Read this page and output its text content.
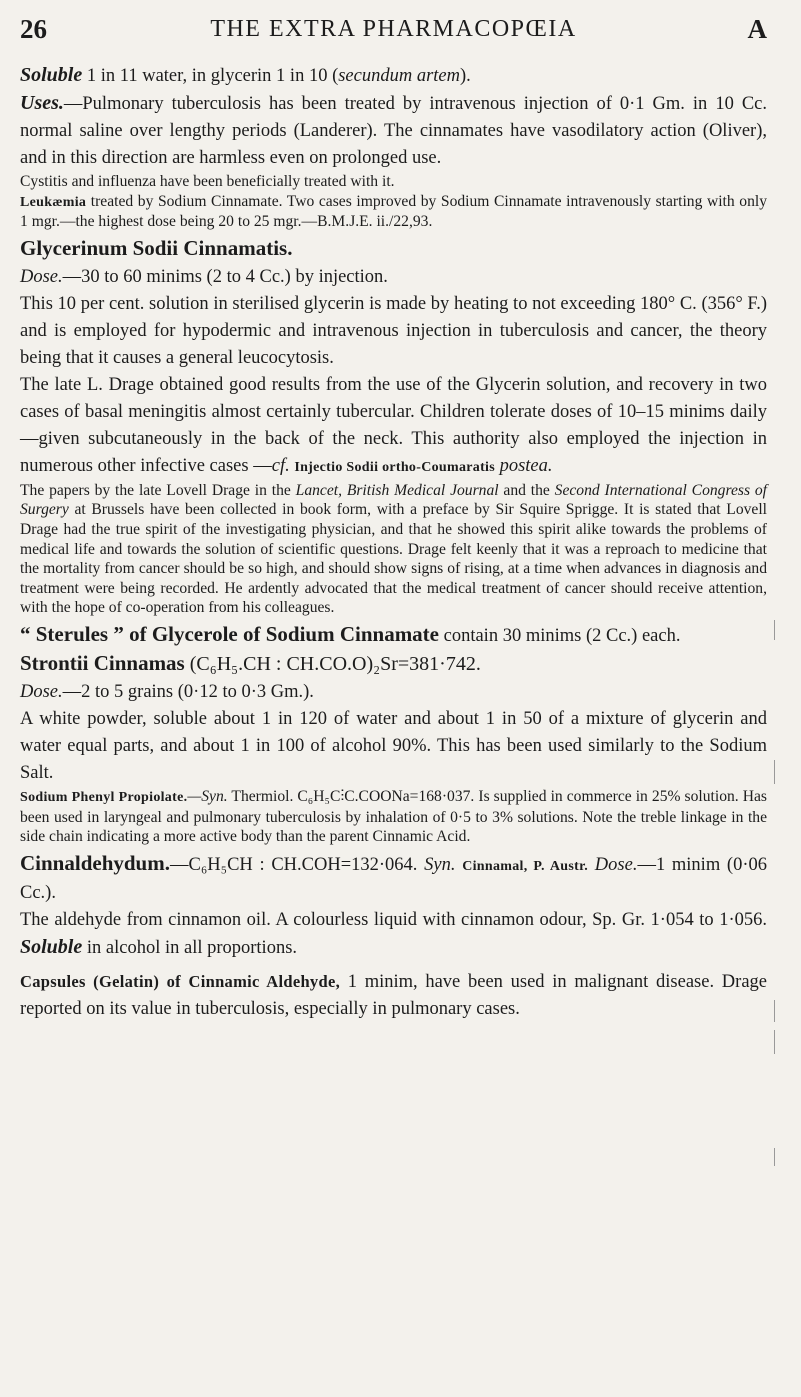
26	THE EXTRA PHARMACOPŒIA	A

Soluble 1 in 11 water, in glycerin 1 in 10 (secundum artem).

Uses.—Pulmonary tuberculosis has been treated by intravenous injection of 0·1 Gm. in 10 Cc. normal saline over lengthy periods (Landerer). The cinnamates have vasodilatory action (Oliver), and in this direction are harmless even on prolonged use.

Cystitis and influenza have been beneficially treated with it.

Leukæmia treated by Sodium Cinnamate. Two cases improved by Sodium Cinnamate intravenously starting with only 1 mgr.—the highest dose being 20 to 25 mgr.—B.M.J.E. ii./22,93.

Glycerinum Sodii Cinnamatis.

Dose.—30 to 60 minims (2 to 4 Cc.) by injection.

This 10 per cent. solution in sterilised glycerin is made by heating to not exceeding 180° C. (356° F.) and is employed for hypodermic and intravenous injection in tuberculosis and cancer, the theory being that it causes a general leucocytosis.

The late L. Drage obtained good results from the use of the Glycerin solution, and recovery in two cases of basal meningitis almost certainly tubercular. Children tolerate doses of 10–15 minims daily—given subcutaneously in the back of the neck. This authority also employed the injection in numerous other infective cases —cf. Injectio Sodii ortho-Coumaratis postea.

The papers by the late Lovell Drage in the Lancet, British Medical Journal and the Second International Congress of Surgery at Brussels have been collected in book form, with a preface by Sir Squire Sprigge. It is stated that Lovell Drage had the true spirit of the investigating physician, and that he showed this spirit alike towards the problems of medical life and towards the solution of scientific questions. Drage felt keenly that it was a reproach to medicine that the mortality from cancer should be so high, and should show signs of rising, at a time when advances in diagnosis and treatment were being recorded. He ardently advocated that the medical treatment of cancer should receive attention, with the hope of co-operation from his colleagues.

“ Sterules ” of Glycerole of Sodium Cinnamate contain 30 minims (2 Cc.) each.

Strontii Cinnamas (C₆H₅.CH : CH.CO.O)₂Sr=381·742.

Dose.—2 to 5 grains (0·12 to 0·3 Gm.).

A white powder, soluble about 1 in 120 of water and about 1 in 50 of a mixture of glycerin and water equal parts, and about 1 in 100 of alcohol 90%. This has been used similarly to the Sodium Salt.

Sodium Phenyl Propiolate.—Syn. Thermiol. C₆H₅C⫶C.COONa=168·037. Is supplied in commerce in 25% solution. Has been used in laryngeal and pulmonary tuberculosis by inhalation of 0·5 to 3% solutions. Note the treble linkage in the side chain indicating a more active body than the parent Cinnamic Acid.

Cinnaldehydum.—C₆H₅CH : CH.COH=132·064. Syn. Cinnamal, P. Austr. Dose.—1 minim (0·06 Cc.).

The aldehyde from cinnamon oil. A colourless liquid with cinnamon odour, Sp. Gr. 1·054 to 1·056. Soluble in alcohol in all proportions.

Capsules (Gelatin) of Cinnamic Aldehyde, 1 minim, have been used in malignant disease. Drage reported on its value in tuberculosis, especially in pulmonary cases.
